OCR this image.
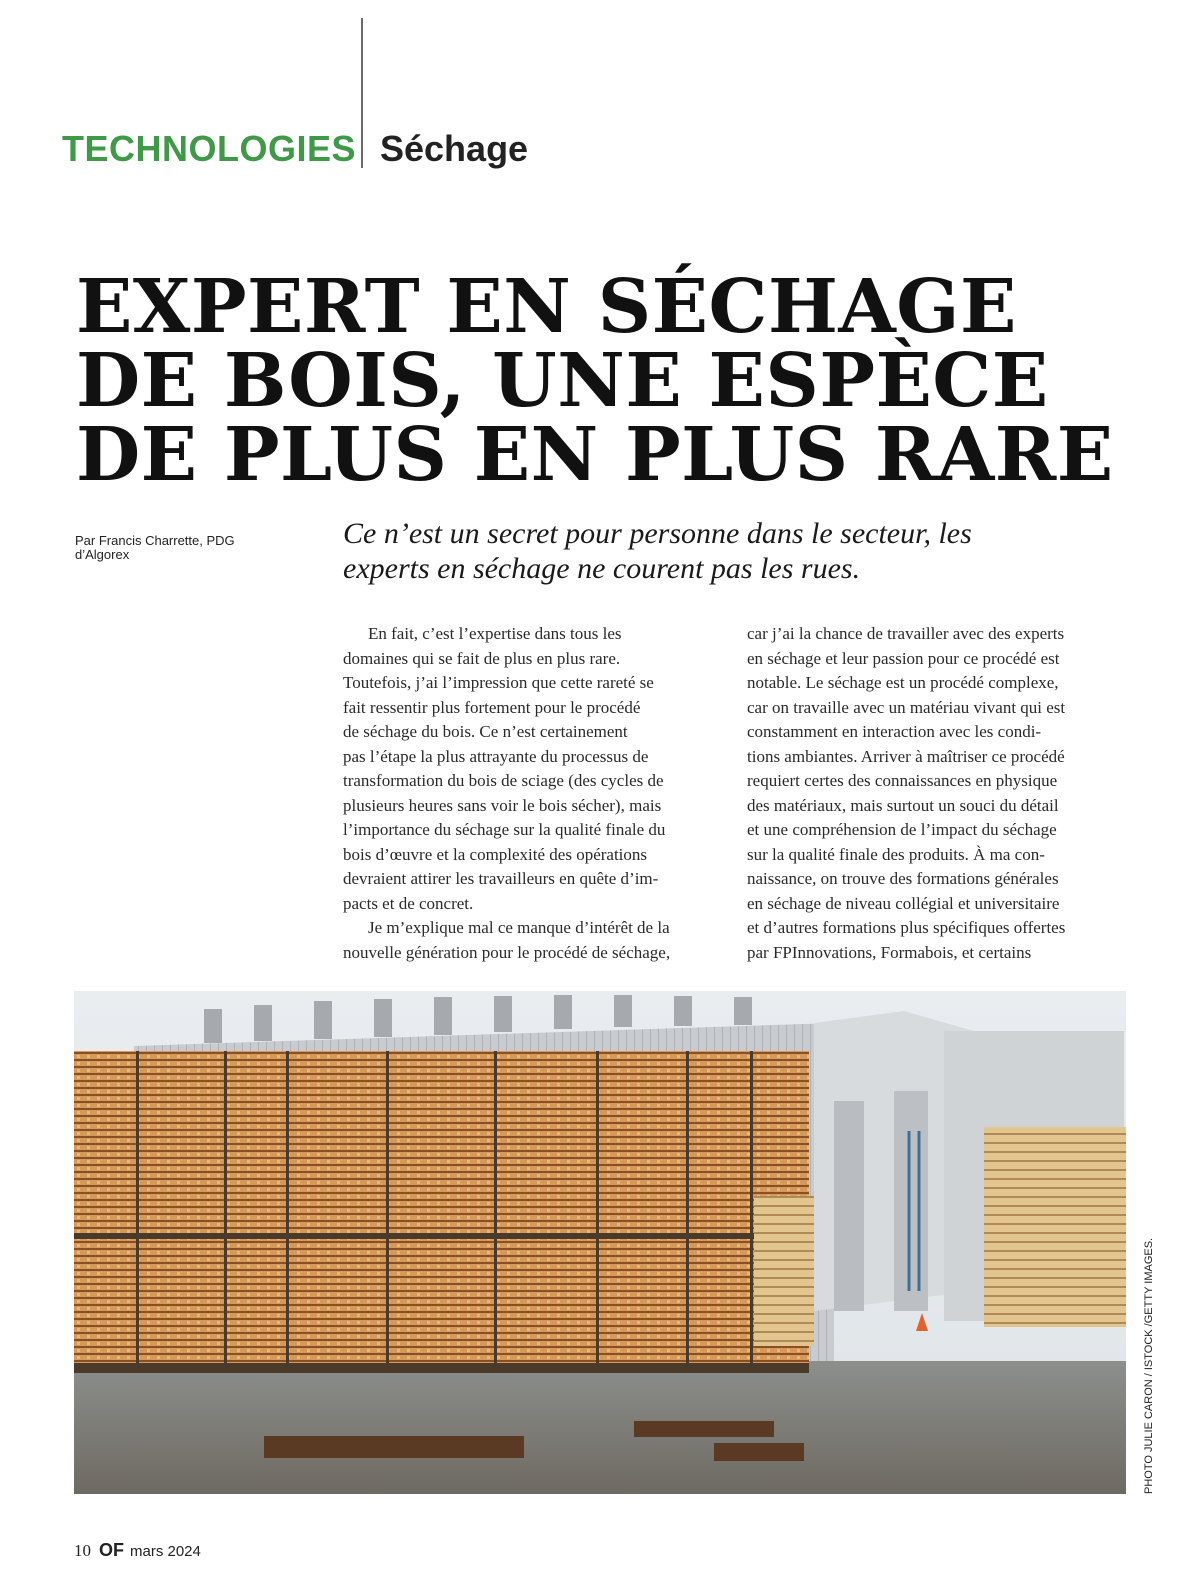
TECHNOLOGIES Séchage
EXPERT EN SÉCHAGE
DE BOIS, UNE ESPÈCE
DE PLUS EN PLUS RARE
Par Francis Charrette, PDG d’Algorex
Ce n’est un secret pour personne dans le secteur, les
experts en séchage ne courent pas les rues.
En fait, c’est l’expertise dans tous les
domaines qui se fait de plus en plus rare.
Toutefois, j’ai l’impression que cette rareté se
fait ressentir plus fortement pour le procédé
de séchage du bois. Ce n’est certainement
pas l’étape la plus attrayante du processus de
transformation du bois de sciage (des cycles de
plusieurs heures sans voir le bois sécher), mais
l’importance du séchage sur la qualité finale du
bois d’œuvre et la complexité des opérations
devraient attirer les travailleurs en quête d’im-
pacts et de concret.
Je m’explique mal ce manque d’intérêt de la
nouvelle génération pour le procédé de séchage,
car j’ai la chance de travailler avec des experts
en séchage et leur passion pour ce procédé est
notable. Le séchage est un procédé complexe,
car on travaille avec un matériau vivant qui est
constamment en interaction avec les condi-
tions ambiantes. Arriver à maîtriser ce procédé
requiert certes des connaissances en physique
des matériaux, mais surtout un souci du détail
et une compréhension de l’impact du séchage
sur la qualité finale des produits. À ma con-
naissance, on trouve des formations générales
en séchage de niveau collégial et universitaire
et d’autres formations plus spécifiques offertes
par FPInnovations, Formabois, et certains
PHOTO JULIE CARON / ISTOCK /GETTY IMAGES.
10 OF mars 2024
